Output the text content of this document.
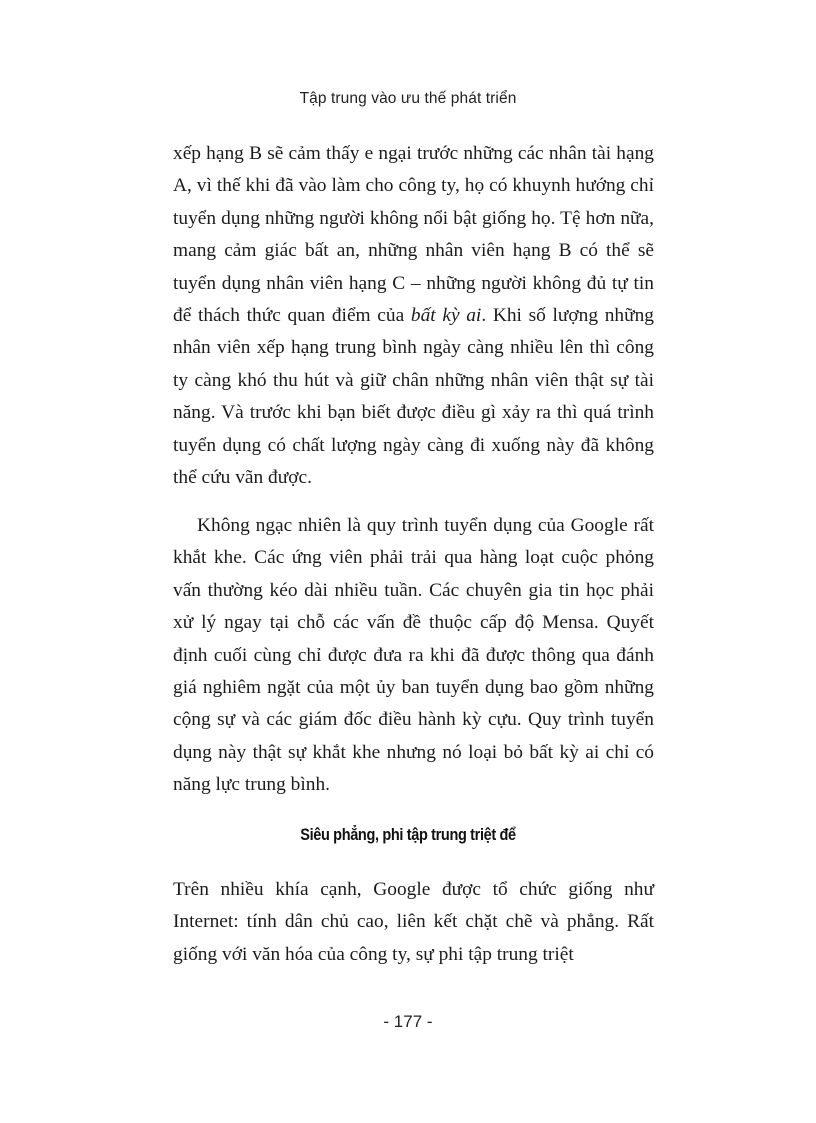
Tập trung vào ưu thế phát triển

xếp hạng B sẽ cảm thấy e ngại trước những các nhân tài hạng A, vì thế khi đã vào làm cho công ty, họ có khuynh hướng chỉ tuyển dụng những người không nổi bật giống họ. Tệ hơn nữa, mang cảm giác bất an, những nhân viên hạng B có thể sẽ tuyển dụng nhân viên hạng C – những người không đủ tự tin để thách thức quan điểm của bất kỳ ai. Khi số lượng những nhân viên xếp hạng trung bình ngày càng nhiều lên thì công ty càng khó thu hút và giữ chân những nhân viên thật sự tài năng. Và trước khi bạn biết được điều gì xảy ra thì quá trình tuyển dụng có chất lượng ngày càng đi xuống này đã không thể cứu vãn được.

Không ngạc nhiên là quy trình tuyển dụng của Google rất khắt khe. Các ứng viên phải trải qua hàng loạt cuộc phỏng vấn thường kéo dài nhiều tuần. Các chuyên gia tin học phải xử lý ngay tại chỗ các vấn đề thuộc cấp độ Mensa. Quyết định cuối cùng chỉ được đưa ra khi đã được thông qua đánh giá nghiêm ngặt của một ủy ban tuyển dụng bao gồm những cộng sự và các giám đốc điều hành kỳ cựu. Quy trình tuyển dụng này thật sự khắt khe nhưng nó loại bỏ bất kỳ ai chỉ có năng lực trung bình.

Siêu phẳng, phi tập trung triệt để

Trên nhiều khía cạnh, Google được tổ chức giống như Internet: tính dân chủ cao, liên kết chặt chẽ và phẳng. Rất giống với văn hóa của công ty, sự phi tập trung triệt

- 177 -
